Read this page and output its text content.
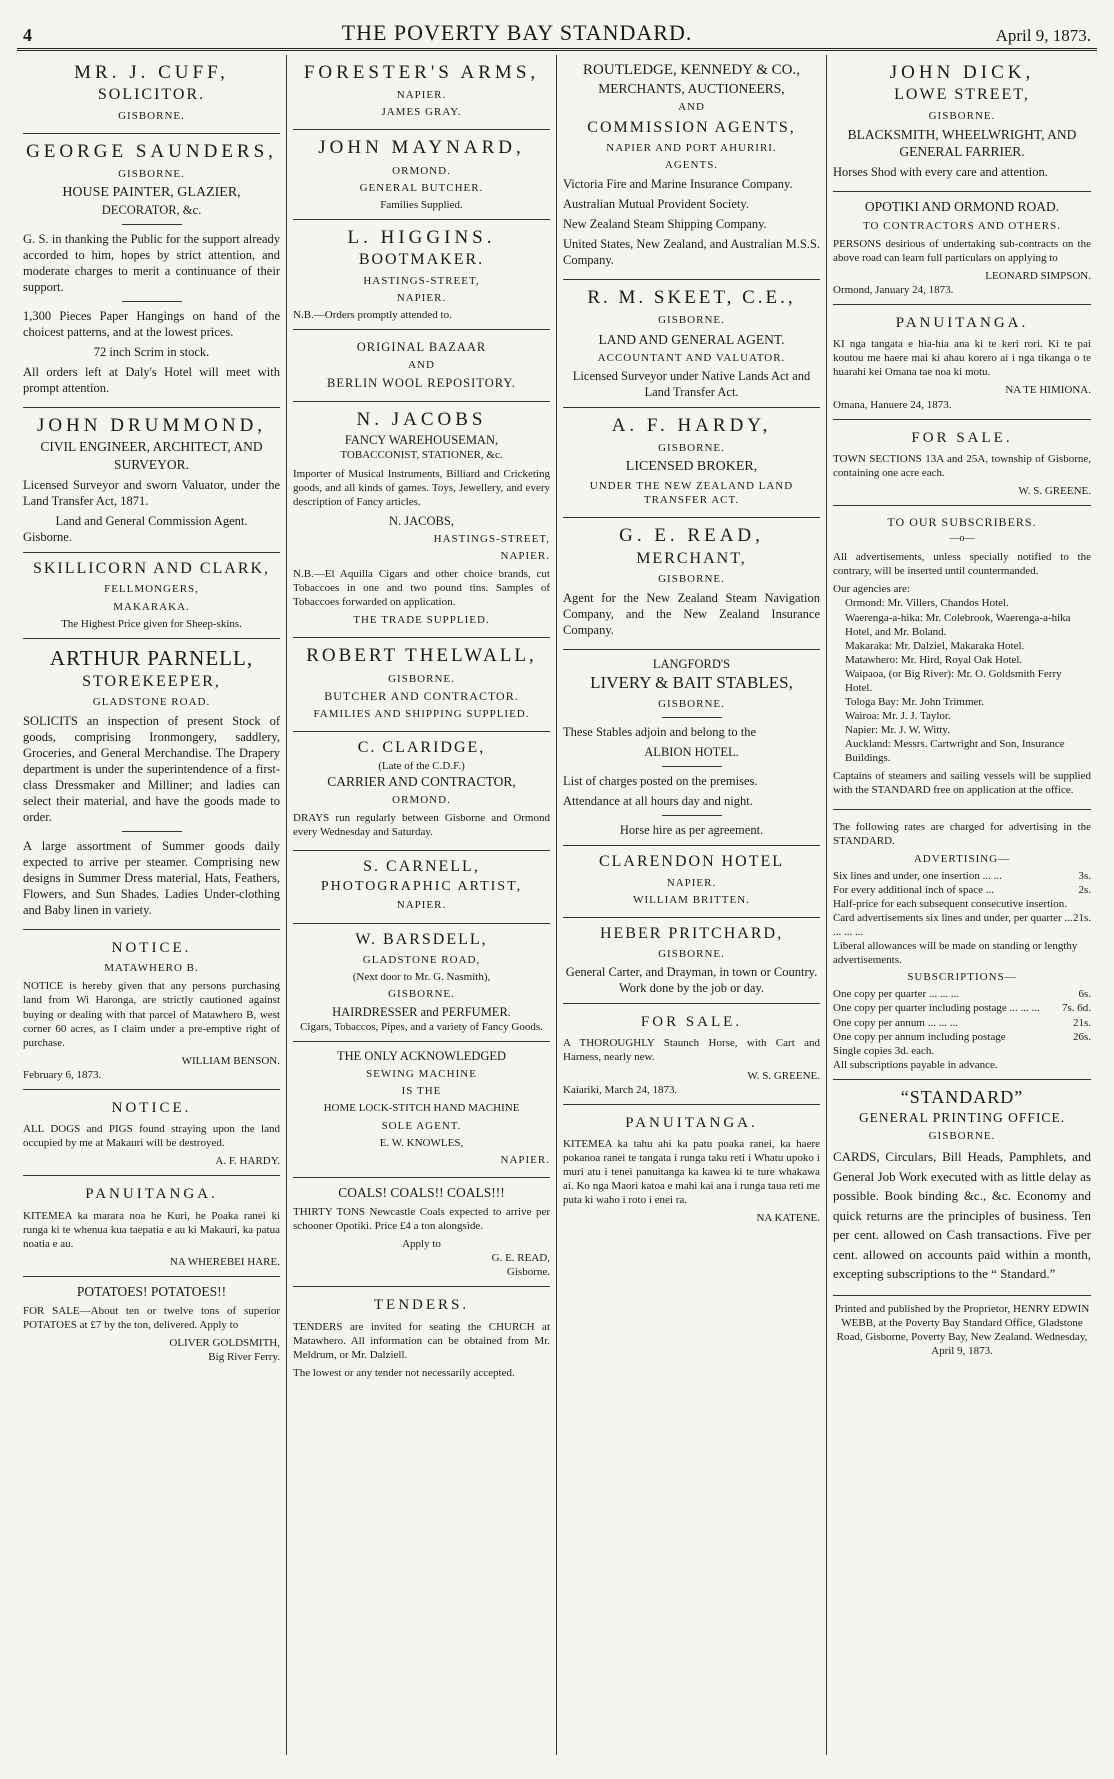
4	THE POVERTY BAY STANDARD.	April 9, 1873.
MR. J. CUFF,
SOLICITOR.
GISBORNE.
GEORGE SAUNDERS,
GISBORNE.
HOUSE PAINTER, GLAZIER,
DECORATOR, &c.
G. S. in thanking the Public for the support already accorded to him, hopes by strict attention, and moderate charges to merit a continuance of their support.
1,300 Pieces Paper Hangings on hand of the choicest patterns, and at the lowest prices.
72 inch Scrim in stock.
All orders left at Daly's Hotel will meet with prompt attention.
JOHN DRUMMOND,
CIVIL ENGINEER, ARCHITECT, AND SURVEYOR.
Licensed Surveyor and sworn Valuator, under the Land Transfer Act, 1871.
Land and General Commission Agent.
Gisborne.
SKILLICORN AND CLARK,
FELLMONGERS,
MAKARAKA.
The Highest Price given for Sheep-skins.
ARTHUR PARNELL,
STOREKEEPER,
GLADSTONE ROAD.
SOLICITS an inspection of present Stock of goods, comprising Ironmongery, saddlery, Groceries, and General Merchandise. The Drapery department is under the superintendence of a first-class Dressmaker and Milliner; and ladies can select their material, and have the goods made to order.
A large assortment of Summer goods daily expected to arrive per steamer. Comprising new designs in Summer Dress material, Hats, Feathers, Flowers, and Sun Shades. Ladies Under-clothing and Baby linen in variety.
NOTICE.
MATAWHERO B.
NOTICE is hereby given that any persons purchasing land from Wi Haronga, are strictly cautioned against buying or dealing with that parcel of Matawhero B, west corner 60 acres, as I claim under a pre-emptive right of purchase.
WILLIAM BENSON.
February 6, 1873.
NOTICE.
ALL DOGS and PIGS found straying upon the land occupied by me at Makauri will be destroyed.
A. F. HARDY.
PANUITANGA.
KITEMEA ka marara noa he Kuri, he Poaka ranei ki runga ki te whenua kua taepatia e au ki Makauri, ka patua noatia e au.
NA WHEREBEI HARE.
POTATOES! POTATOES!!
FOR SALE—About ten or twelve tons of superior POTATOES at £7 by the ton, delivered. Apply to
OLIVER GOLDSMITH,
Big River Ferry.
FORESTER'S ARMS,
NAPIER.
JAMES GRAY.
JOHN MAYNARD,
ORMOND.
GENERAL BUTCHER.
Families Supplied.
L. HIGGINS.
BOOTMAKER.
HASTINGS-STREET,
NAPIER.
N.B.—Orders promptly attended to.
ORIGINAL BAZAAR
AND
BERLIN WOOL REPOSITORY.
N. JACOBS
FANCY WAREHOUSEMAN,
TOBACCONIST, STATIONER, &c.
Importer of Musical Instruments, Billiard and Cricketing goods, and all kinds of games. Toys, Jewellery, and every description of Fancy articles.
N. JACOBS,
HASTINGS-STREET,
NAPIER.
N.B.—El Aquilla Cigars and other choice brands, cut Tobaccoes in one and two pound tins. Samples of Tobaccoes forwarded on application.
THE TRADE SUPPLIED.
ROBERT THELWALL,
GISBORNE.
BUTCHER AND CONTRACTOR.
FAMILIES AND SHIPPING SUPPLIED.
C. CLARIDGE,
(Late of the C.D.F.)
CARRIER AND CONTRACTOR,
ORMOND.
DRAYS run regularly between Gisborne and Ormond every Wednesday and Saturday.
S. CARNELL,
PHOTOGRAPHIC ARTIST,
NAPIER.
W. BARSDELL,
GLADSTONE ROAD,
(Next door to Mr. G. Nasmith),
GISBORNE.
HAIRDRESSER and PERFUMER.
Cigars, Tobaccos, Pipes, and a variety of Fancy Goods.
THE ONLY ACKNOWLEDGED
SEWING MACHINE
IS THE
HOME LOCK-STITCH HAND MACHINE
SOLE AGENT.
E. W. KNOWLES,
NAPIER.
COALS! COALS!! COALS!!!
THIRTY TONS Newcastle Coals expected to arrive per schooner Opotiki. Price £4 a ton alongside.
Apply to
G. E. READ,
Gisborne.
TENDERS.
TENDERS are invited for seating the CHURCH at Matawhero. All information can be obtained from Mr. Meldrum, or Mr. Dalziell.
The lowest or any tender not necessarily accepted.
ROUTLEDGE, KENNEDY & CO.,
MERCHANTS, AUCTIONEERS,
AND
COMMISSION AGENTS,
NAPIER AND PORT AHURIRI.
AGENTS.
Victoria Fire and Marine Insurance Company.
Australian Mutual Provident Society.
New Zealand Steam Shipping Company.
United States, New Zealand, and Australian M.S.S. Company.
R. M. SKEET, C.E.,
GISBORNE.
LAND AND GENERAL AGENT.
ACCOUNTANT AND VALUATOR.
Licensed Surveyor under Native Lands Act and Land Transfer Act.
A. F. HARDY,
GISBORNE.
LICENSED BROKER,
UNDER THE NEW ZEALAND LAND TRANSFER ACT.
G. E. READ,
MERCHANT,
GISBORNE.
Agent for the New Zealand Steam Navigation Company, and the New Zealand Insurance Company.
LANGFORD'S
LIVERY & BAIT STABLES,
GISBORNE.
These Stables adjoin and belong to the
ALBION HOTEL.
List of charges posted on the premises.
Attendance at all hours day and night.
Horse hire as per agreement.
CLARENDON HOTEL
NAPIER.
WILLIAM BRITTEN.
HEBER PRITCHARD,
GISBORNE.
General Carter, and Drayman, in town or Country.
Work done by the job or day.
FOR SALE.
A THOROUGHLY Staunch Horse, with Cart and Harness, nearly new.
W. S. GREENE.
Kaiariki, March 24, 1873.
PANUITANGA.
KITEMEA ka tahu ahi ka patu poaka ranei, ka haere pokanoa ranei te tangata i runga taku reti i Whatu upoko i muri atu i tenei panuitanga ka kawea ki te ture whakawa ai. Ko nga Maori katoa e mahi kai ana i runga taua reti me puta ki waho i roto i enei ra.
NA KATENE.
JOHN DICK,
LOWE STREET,
GISBORNE.
BLACKSMITH, WHEELWRIGHT, AND GENERAL FARRIER.
Horses Shod with every care and attention.
OPOTIKI AND ORMOND ROAD.
TO CONTRACTORS AND OTHERS.
PERSONS desirious of undertaking sub-contracts on the above road can learn full particulars on applying to
LEONARD SIMPSON.
Ormond, January 24, 1873.
PANUITANGA.
KI nga tangata e hia-hia ana ki te keri rori. Ki te pai koutou me haere mai ki ahau korero ai i nga tikanga o te huarahi kei Omana tae noa ki motu.
NA TE HIMIONA.
Omana, Hanuere 24, 1873.
FOR SALE.
TOWN SECTIONS 13A and 25A, township of Gisborne, containing one acre each.
W. S. GREENE.
TO OUR SUBSCRIBERS.
—o—
All advertisements, unless specially notified to the contrary, will be inserted until countermanded.
Our agencies are:
Ormond: Mr. Villers, Chandos Hotel.
Waerenga-a-hika: Mr. Colebrook, Waerenga-a-hika Hotel, and Mr. Boland.
Makaraka: Mr. Dalziel, Makaraka Hotel.
Matawhero: Mr. Hird, Royal Oak Hotel.
Waipaoa, (or Big River): Mr. O. Goldsmith Ferry Hotel.
Tologa Bay: Mr. John Trimmer.
Wairoa: Mr. J. J. Taylor.
Napier: Mr. J. W. Witty.
Auckland: Messrs. Cartwright and Son, Insurance Buildings.
Captains of steamers and sailing vessels will be supplied with the STANDARD free on application at the office.
The following rates are charged for advertising in the STANDARD.
ADVERTISING—
Six lines and under, one insertion ... ...	3s.
For every additional inch of space ...	2s.
Half-price for each subsequent consecutive insertion.
Card advertisements six lines and under, per quarter ... ... ... ...
21s.
Liberal allowances will be made on standing or lengthy advertisements.
SUBSCRIPTIONS—
One copy per quarter ... ... ...	6s.
One copy per quarter including postage ... ... ...	7s. 6d.
One copy per annum ... ... ...	21s.
One copy per annum including postage	26s.
Single copies 3d. each.
All subscriptions payable in advance.
“STANDARD”
GENERAL PRINTING OFFICE.
GISBORNE.
CARDS, Circulars, Bill Heads, Pamphlets, and General Job Work executed with as little delay as possible. Book binding &c., &c. Economy and quick returns are the principles of business. Ten per cent. allowed on Cash transactions. Five per cent. allowed on accounts paid within a month, excepting subscriptions to the “ Standard.”
Printed and published by the Proprietor, HENRY EDWIN WEBB, at the Poverty Bay Standard Office, Gladstone Road, Gisborne, Poverty Bay, New Zealand. Wednesday, April 9, 1873.
